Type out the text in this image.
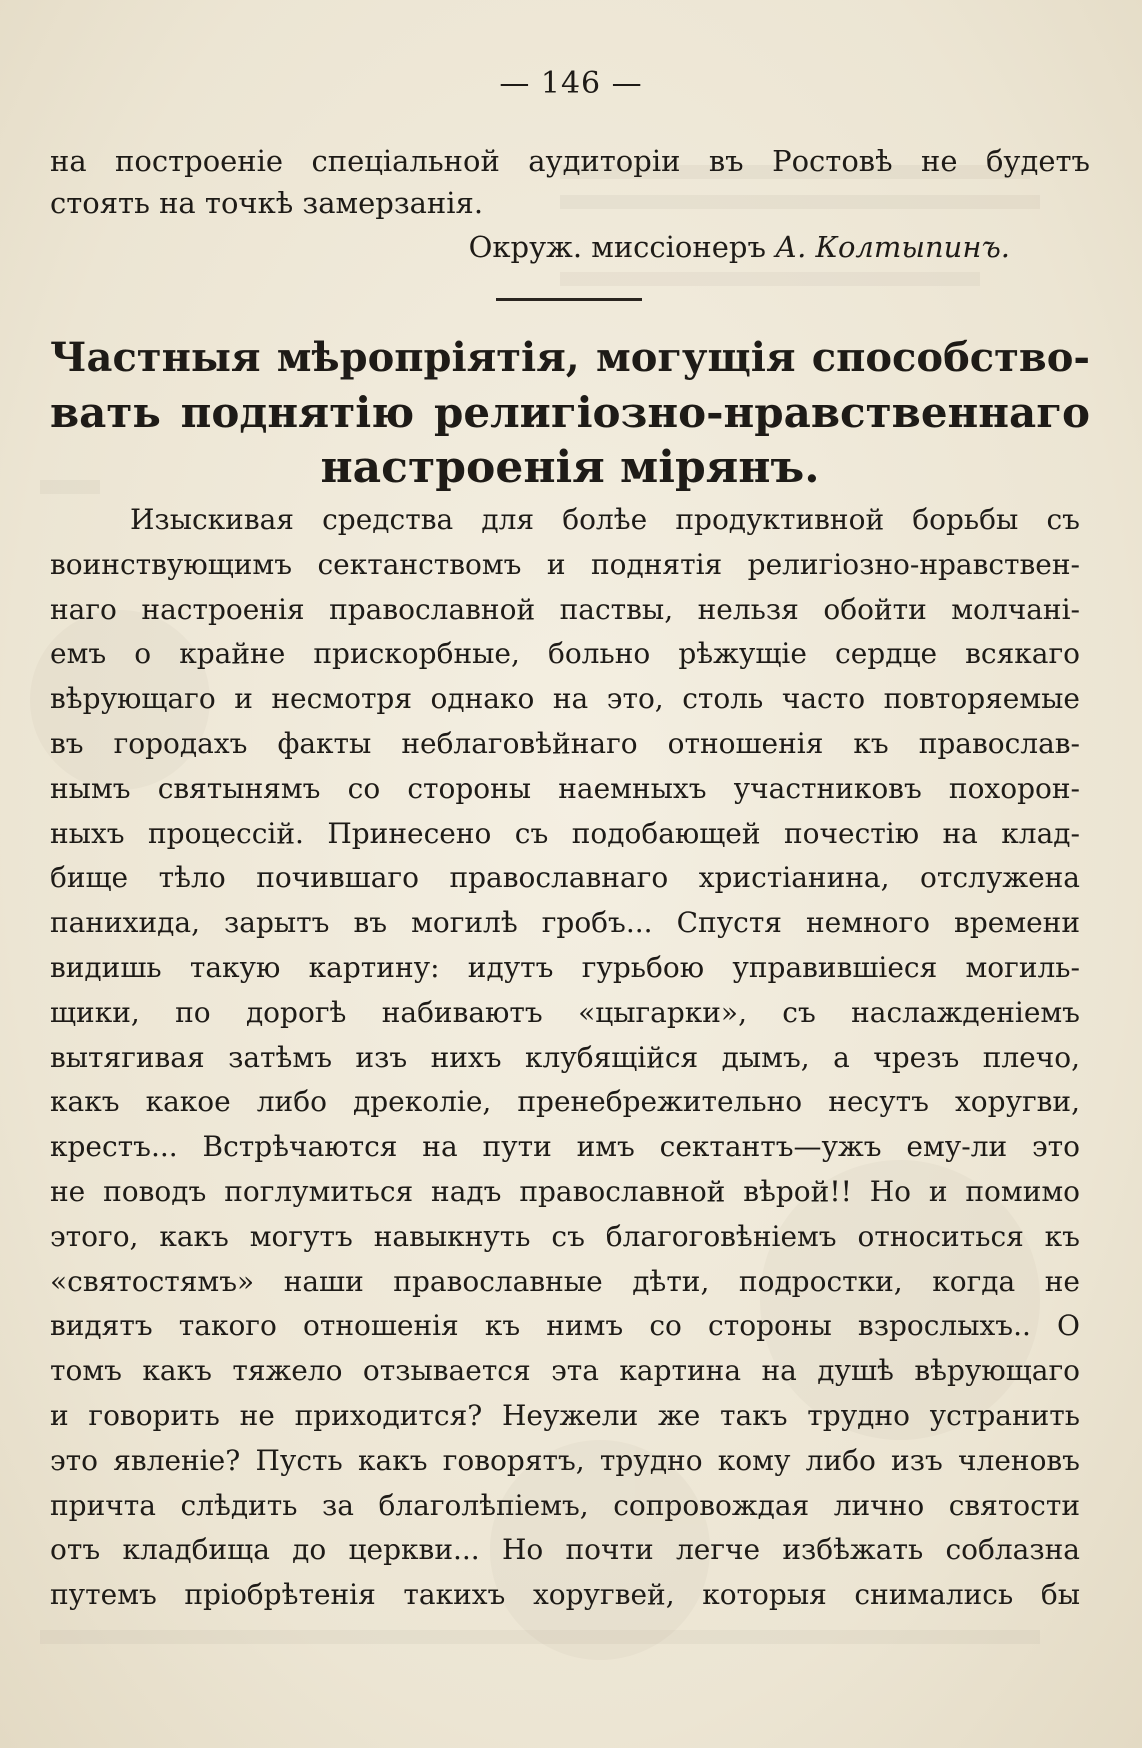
— 146 —
на построеніе спеціальной аудиторіи въ Ростовѣ не будетъ
стоять на точкѣ замерзанія.
Окруж. миссіонеръ А. Колтыпинъ.
Частныя мѣропріятія, могущія способство-
вать поднятію религіозно-нравственнаго
настроенія мірянъ.
Изыскивая средства для болѣе продуктивной борьбы съ
воинствующимъ сектанствомъ и поднятія религіозно-нравствен-
наго настроенія православной паствы, нельзя обойти молчані-
емъ о крайне прискорбные, больно рѣжущіе сердце всякаго
вѣрующаго и несмотря однако на это, столь часто повторяемые
въ городахъ факты неблаговѣйнаго отношенія къ православ-
нымъ святынямъ со стороны наемныхъ участниковъ похорон-
ныхъ процессій. Принесено съ подобающей почестію на клад-
бище тѣло почившаго православнаго христіанина, отслужена
панихида, зарытъ въ могилѣ гробъ... Спустя немного времени
видишь такую картину: идутъ гурьбою управившіеся могиль-
щики, по дорогѣ набиваютъ «цыгарки», съ наслажденіемъ
вытягивая затѣмъ изъ нихъ клубящійся дымъ, а чрезъ плечо,
какъ какое либо дреколіе, пренебрежительно несутъ хоругви,
крестъ... Встрѣчаются на пути имъ сектантъ—ужъ ему-ли это
не поводъ поглумиться надъ православной вѣрой!! Но и помимо
этого, какъ могутъ навыкнуть съ благоговѣніемъ относиться къ
«святостямъ» наши православные дѣти, подростки, когда не
видятъ такого отношенія къ нимъ со стороны взрослыхъ.. О
томъ какъ тяжело отзывается эта картина на душѣ вѣрующаго
и говорить не приходится? Неужели же такъ трудно устранить
это явленіе? Пусть какъ говорятъ, трудно кому либо изъ членовъ
причта слѣдить за благолѣпіемъ, сопровождая лично святости
отъ кладбища до церкви... Но почти легче избѣжать соблазна
путемъ пріобрѣтенія такихъ хоругвей, которыя снимались бы
